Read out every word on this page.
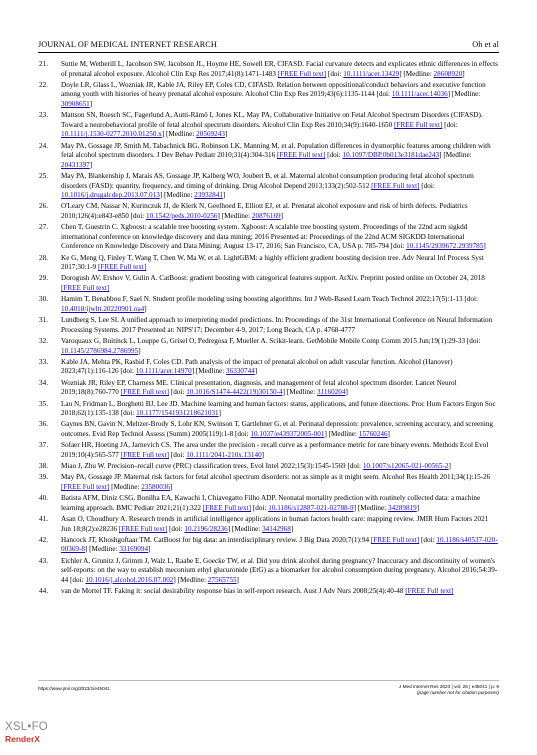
JOURNAL OF MEDICAL INTERNET RESEARCH	Oh et al
21. Suttie M, Wetherill L, Jacobson SW, Jacobson JL, Hoyme HE, Sowell ER, CIFASD. Facial curvature detects and explicates ethnic differences in effects of prenatal alcohol exposure. Alcohol Clin Exp Res 2017;41(8):1471-1483 [FREE Full text] [doi: 10.1111/acer.13429] [Medline: 28608920]
22. Doyle LR, Glass L, Wozniak JR, Kable JA, Riley EP, Coles CD, CIFASD. Relation between oppositional/conduct behaviors and executive function among youth with histories of heavy prenatal alcohol exposure. Alcohol Clin Exp Res 2019;43(6):1135-1144 [doi: 10.1111/acer.14036] [Medline: 30908651]
23. Mattson SN, Roesch SC, Fagerlund A, Autti-Rämö I, Jones KL, May PA, Collaborative Initiative on Fetal Alcohol Spectrum Disorders (CIFASD). Toward a neurobehavioral profile of fetal alcohol spectrum disorders. Alcohol Clin Exp Res 2010;34(9):1640-1650 [FREE Full text] [doi: 10.1111/j.1530-0277.2010.01250.x] [Medline: 20569243]
24. May PA, Gossage JP, Smith M, Tabachnick BG, Robinson LK, Manning M, et al. Population differences in dysmorphic features among children with fetal alcohol spectrum disorders. J Dev Behav Pediatr 2010;31(4):304-316 [FREE Full text] [doi: 10.1097/DBP.0b013e3181dae243] [Medline: 20431397]
25. May PA, Blankenship J, Marais AS, Gossage JP, Kalberg WO, Joubert B, et al. Maternal alcohol consumption producing fetal alcohol spectrum disorders (FASD): quantity, frequency, and timing of drinking. Drug Alcohol Depend 2013;133(2):502-512 [FREE Full text] [doi: 10.1016/j.drugalcdep.2013.07.013] [Medline: 23932841]
26. O'Leary CM, Nassar N, Kurinczuk JJ, de Klerk N, Geelhoed E, Elliott EJ, et al. Prenatal alcohol exposure and risk of birth defects. Pediatrics 2010;126(4):e843-e850 [doi: 10.1542/peds.2010-0256] [Medline: 20876169]
27. Chen T, Guestrin C. Xgboost: a scalable tree boosting system. Xgboost: A scalable tree boosting system. Proceedings of the 22nd acm sigkdd international conference on knowledge discovery and data mining; 2016 Presented at: Proceedings of the 22nd ACM SIGKDD International Conference on Knowledge Discovery and Data Mining; August 13-17, 2016; San Francisco, CA, USA p. 785-794 [doi: 10.1145/2939672.2939785]
28. Ke G, Meng Q, Finley T, Wang T, Chen W, Ma W, et al. LightGBM: a highly efficient gradient boosting decision tree. Adv Neural Inf Process Syst 2017;30:1-9 [FREE Full text]
29. Dorogush AV, Ershov V, Gulin A. CatBoost: gradient boosting with categorical features support. ArXiv. Preprint posted online on October 24, 2018 [FREE Full text]
30. Hamim T, Benabbou F, Sael N. Student profile modeling using boosting algorithms. Int J Web-Based Learn Teach Technol 2022;17(5):1-13 [doi: 10.4018/ijwltt.20220901.oa4]
31. Lundberg S, Lee SI. A unified approach to interpreting model predictions. In: Proceedings of the 31st International Conference on Neural Information Processing Systems. 2017 Presented at: NIPS'17; December 4-9, 2017; Long Beach, CA p. 4768-4777
32. Varoquaux G, Buitinck L, Louppe G, Grisel O, Pedregosa F, Mueller A. Scikit-learn. GetMobile Mobile Comp Comm 2015 Jun;19(1):29-33 [doi: 10.1145/2786984.2786995]
33. Kable JA, Mehta PK, Rashid F, Coles CD. Path analysis of the impact of prenatal alcohol on adult vascular function. Alcohol (Hanover) 2023;47(1):116-126 [doi: 10.1111/acer.14970] [Medline: 36330744]
34. Wozniak JR, Riley EP, Charness ME. Clinical presentation, diagnosis, and management of fetal alcohol spectrum disorder. Lancet Neurol 2019;18(8):760-770 [FREE Full text] [doi: 10.1016/S1474-4422(19)30150-4] [Medline: 31160204]
35. Lau N, Fridman L, Borghetti BJ, Lee JD. Machine learning and human factors: status, applications, and future directions. Proc Hum Factors Ergon Soc 2018;62(1):135-138 [doi: 10.1177/1541931218621031]
36. Gaynes BN, Gavin N, Meltzer-Brody S, Lohr KN, Swinson T, Gartlehner G, et al. Perinatal depression: prevalence, screening accuracy, and screening outcomes. Evid Rep Technol Assess (Summ) 2005(119):1-8 [doi: 10.1037/e439372005-001] [Medline: 15760246]
37. Sofaer HR, Hoeting JA, Jarnevich CS. The area under the precision ‐ recall curve as a performance metric for rare binary events. Methods Ecol Evol 2019;10(4):565-577 [FREE Full text] [doi: 10.1111/2041-210x.13140]
38. Miao J, Zhu W. Precision–recall curve (PRC) classification trees. Evol Intel 2022;15(3):1545-1569 [doi: 10.1007/s12065-021-00565-2]
39. May PA, Gossage JP. Maternal risk factors for fetal alcohol spectrum disorders: not as simple as it might seem. Alcohol Res Health 2011;34(1):15-26 [FREE Full text] [Medline: 23580036]
40. Batista AFM, Diniz CSG, Bonilha EA, Kawachi I, Chiavegatto Filho ADP. Neonatal mortality prediction with routinely collected data: a machine learning approach. BMC Pediatr 2021;21(1):322 [FREE Full text] [doi: 10.1186/s12887-021-02788-9] [Medline: 34289819]
41. Asan O, Choudhury A. Research trends in artificial intelligence applications in human factors health care: mapping review. JMIR Hum Factors 2021 Jun 18;8(2):e28236 [FREE Full text] [doi: 10.2196/28236] [Medline: 34142968]
42. Hancock JT, Khoshgoftaar TM. CatBoost for big data: an interdisciplinary review. J Big Data 2020;7(1):94 [FREE Full text] [doi: 10.1186/s40537-020-00369-8] [Medline: 33169094]
43. Eichler A, Grunitz J, Grimm J, Walz L, Raabe E, Goecke TW, et al. Did you drink alcohol during pregnancy? Inaccuracy and discontinuity of women's self-reports: on the way to establish meconium ethyl glucuronide (EtG) as a biomarker for alcohol consumption during pregnancy. Alcohol 2016;54:39-44 [doi: 10.1016/j.alcohol.2016.07.002] [Medline: 27565755]
44. van de Mortel TF. Faking it: social desirability response bias in self-report research. Aust J Adv Nurs 2008;25(4):40-48 [FREE Full text]
https://www.jmir.org/2023/1/e45041	J Med Internet Res 2023 | vol. 25 | e45041 | p. 9
(page number not for citation purposes)
XSL•FO
RenderX
